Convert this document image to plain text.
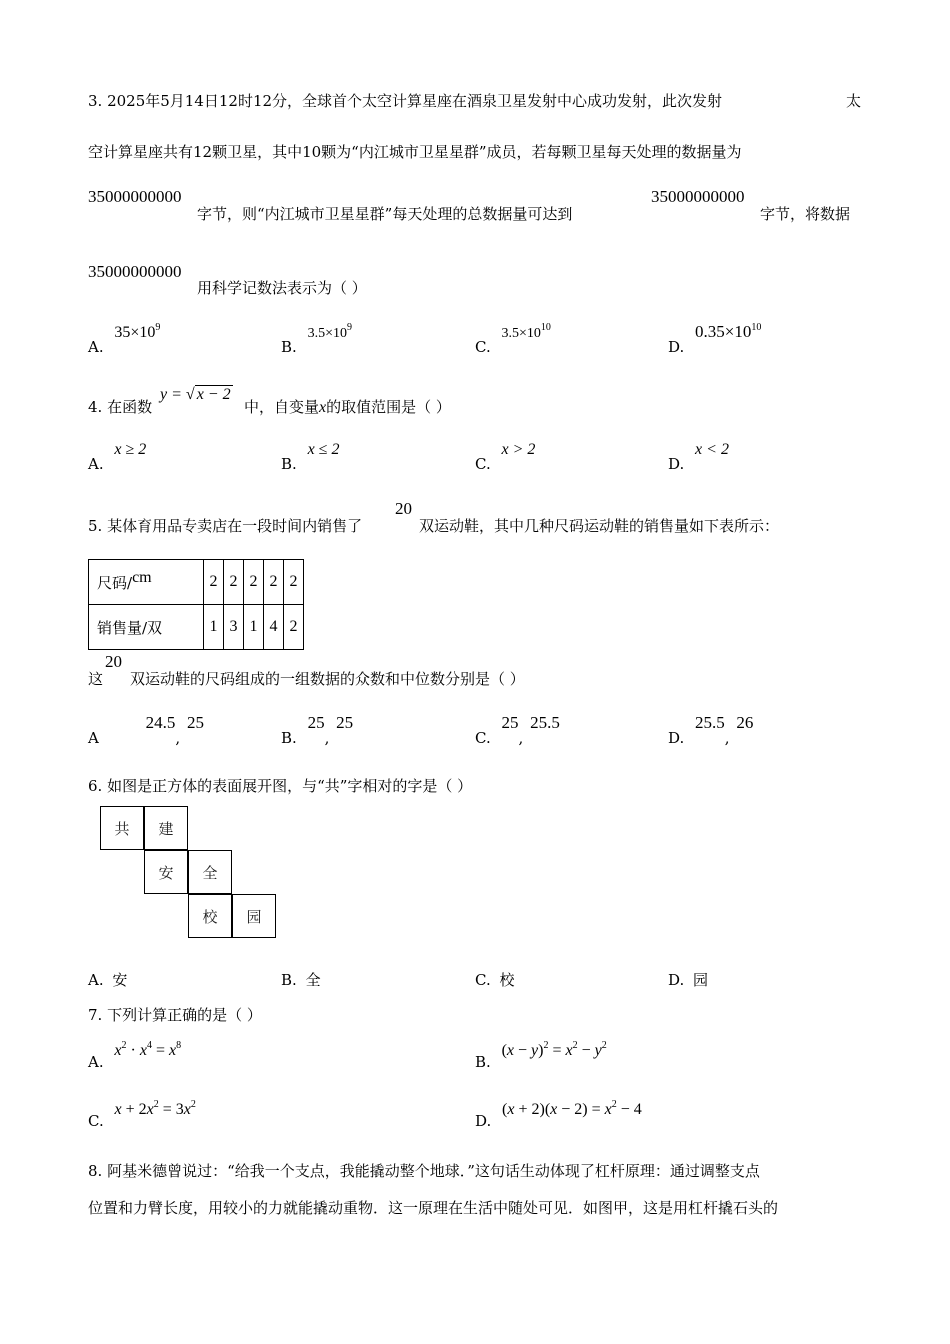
3. 2025年5月14日12时12分，全球首个太空计算星座在酒泉卫星发射中心成功发射，此次发射	太
空计算星座共有12颗卫星，其中10颗为“内江城市卫星星群”成员，若每颗卫星每天处理的数据量为
35000000000
字节，则“内江城市卫星星群”每天处理的总数据量可达到
35000000000
字节，将数据
35000000000
用科学记数法表示为（ ）
A. $35\times 10^9$
B. $3.5\times 10^9$
C. $3.5\times 10^{10}$
D. $0.35\times 10^{10}$
4. 在函数
y = √ x − 2
中，自变量x的取值范围是（ ）
A. x ≥ 2
B. x ≤ 2
C. x > 2
D. x < 2
5. 某体育用品专卖店在一段时间内销售了
20
双运动鞋，其中几种尺码运动鞋的销售量如下表所示：
尺码/cm	2	2	2	2	2
销售量/双	1	3	1	4	2
这
20
双运动鞋的尺码组成的一组数据的众数和中位数分别是（ ）
A 24.5, 25
B. 25, 25
C. 25, 25.5
D. 25.5, 26
6. 如图是正方体的表面展开图，与“共”字相对的字是（ ）
共	建
安	全
校	园
A. 安	B. 全	C. 校	D. 园
7. 下列计算正确的是（ ）
A. $x^2 \cdot x^4 = x^8$
B. $(x - y)^2 = x^2 - y^2$
C. $x + 2x^2 = 3x^2$
D. $(x + 2)(x - 2) = x^2 - 4$
8. 阿基米德曾说过：“给我一个支点，我能撬动整个地球．”这句话生动体现了杠杆原理：通过调整支点
位置和力臂长度，用较小的力就能撬动重物．这一原理在生活中随处可见．如图甲，这是用杠杆撬石头的
